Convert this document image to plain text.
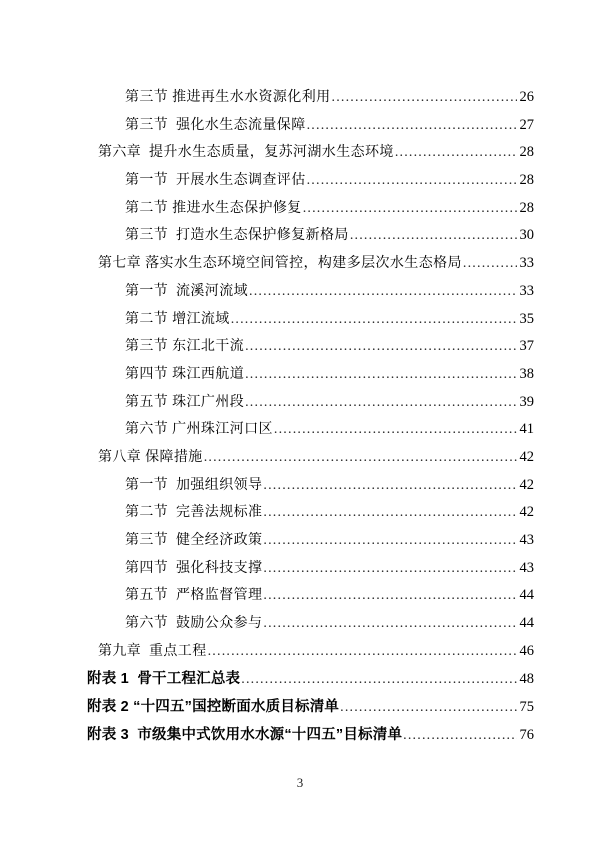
第三节 推进再生水水资源化利用 .....	26
第三节  强化水生态流量保障 .....	27
第六章  提升水生态质量，复苏河湖水生态环境 .....	28
第一节  开展水生态调查评估 .....	28
第二节 推进水生态保护修复 .....	28
第三节  打造水生态保护修复新格局 .....	30
第七章 落实水生态环境空间管控，构建多层次水生态格局 .....	33
第一节  流溪河流域 .....	33
第二节 增江流域 .....	35
第三节 东江北干流 .....	37
第四节 珠江西航道 .....	38
第五节 珠江广州段 .....	39
第六节 广州珠江河口区 .....	41
第八章 保障措施 .....	42
第一节  加强组织领导 .....	42
第二节  完善法规标准 .....	42
第三节  健全经济政策 .....	43
第四节  强化科技支撑 .....	43
第五节  严格监督管理 .....	44
第六节  鼓励公众参与 .....	44
第九章  重点工程 .....	46
附表 1  骨干工程汇总表 .....	48
附表 2 “十四五”国控断面水质目标清单 .....	75
附表 3  市级集中式饮用水水源“十四五”目标清单 .....	76
3
